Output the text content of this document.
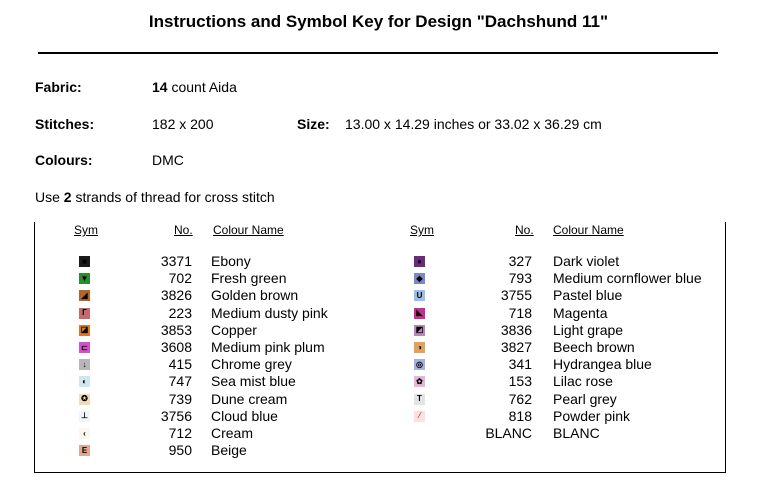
Instructions and Symbol Key for Design "Dachshund 11"
Fabric:	14 count Aida
Stitches:	182 x 200	Size: 13.00 x 14.29 inches or 33.02 x 36.29 cm
Colours:	DMC
Use 2 strands of thread for cross stitch
Sym	No. Colour Name	Sym	No. Colour Name
■	3371 Ebony
▼	702 Fresh green
◢	3826 Golden brown
Γ	223 Medium dusty pink
◪	3853 Copper
⊏	3608 Medium pink plum
↓	415 Chrome grey
◐	747 Sea mist blue
✪	739 Dune cream
⊥	3756 Cloud blue
‹	712 Cream
E	950 Beige
●	327 Dark violet
◆	793 Medium cornflower blue
U	3755 Pastel blue
◣	718 Magenta
◩	3836 Light grape
◑	3827 Beech brown
◎	341 Hydrangea blue
✿	153 Lilac rose
T	762 Pearl grey
⁄	818 Powder pink
BLANC BLANC
